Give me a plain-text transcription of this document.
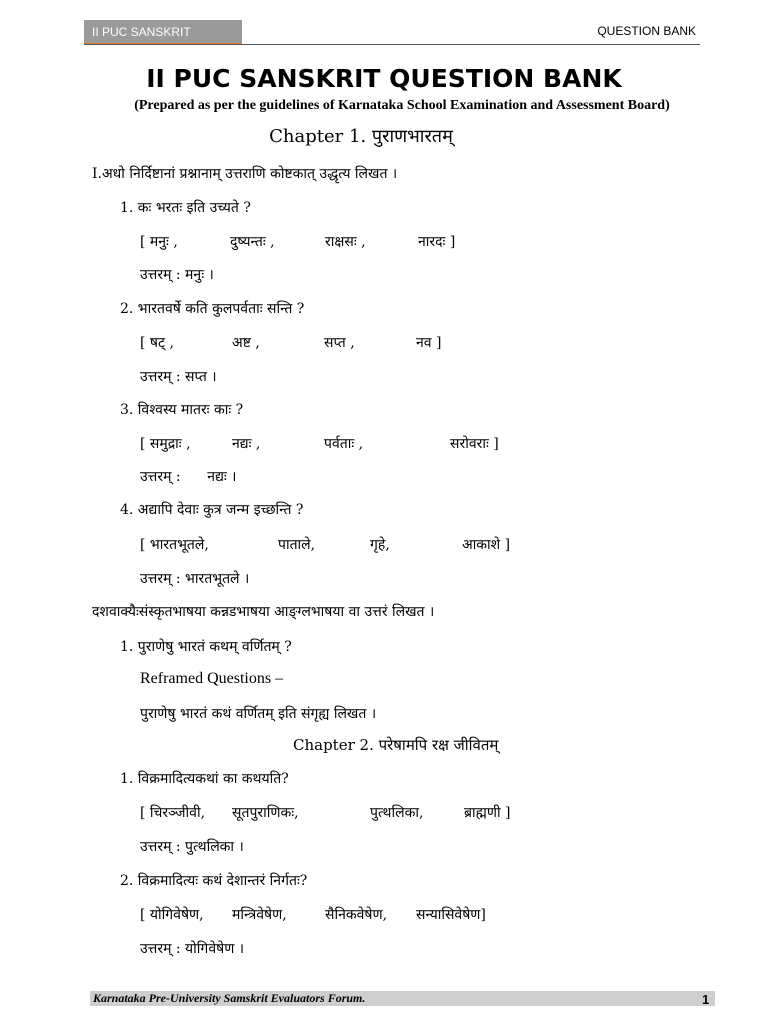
II PUC SANSKRIT	QUESTION BANK
II PUC SANSKRIT QUESTION BANK
(Prepared as per the guidelines of Karnataka School Examination and Assessment Board)
Chapter 1. पुराणभारतम्
I.अधो निर्दिष्टानां प्रश्नानाम् उत्तराणि कोष्टकात् उद्धृत्य लिखत ।
1. कः भरतः इति उच्यते ?
[ मनुः ,	दुष्यन्तः ,	राक्षसः ,	नारदः ]
उत्तरम् : मनुः ।
2. भारतवर्षे कति कुलपर्वताः सन्ति ?
[ षट् ,	अष्ट ,	सप्त ,	नव ]
उत्तरम् : सप्त ।
3. विश्वस्य मातरः काः ?
[ समुद्राः ,	नद्यः ,	पर्वताः ,	सरोवराः ]
उत्तरम् :      नद्यः ।
4. अद्यापि देवाः कुत्र जन्म इच्छन्ति ?
[ भारतभूतले,	पाताले,	गृहे,	आकाशे ]
उत्तरम् : भारतभूतले ।
दशवाक्यैःसंस्कृतभाषया कन्नडभाषया आङ्ग्लभाषया वा उत्तरं लिखत ।
1. पुराणेषु भारतं कथम् वर्णितम् ?
Reframed Questions –
पुराणेषु भारतं कथं वर्णितम् इति संगृह्य लिखत ।
Chapter 2. परेषामपि रक्ष जीवितम्
1. विक्रमादित्यकथां का कथयति?
[ चिरञ्जीवी, सूतपुराणिकः,	पुत्थलिका,	ब्राह्मणी ]
उत्तरम् : पुत्थलिका ।
2. विक्रमादित्यः कथं देशान्तरं निर्गतः?
[ योगिवेषेण, मन्त्रिवेषेण,	सैनिकवेषेण, सन्यासिवेषेण]
उत्तरम् : योगिवेषेण ।
Karnataka Pre-University Samskrit Evaluators Forum.	1
